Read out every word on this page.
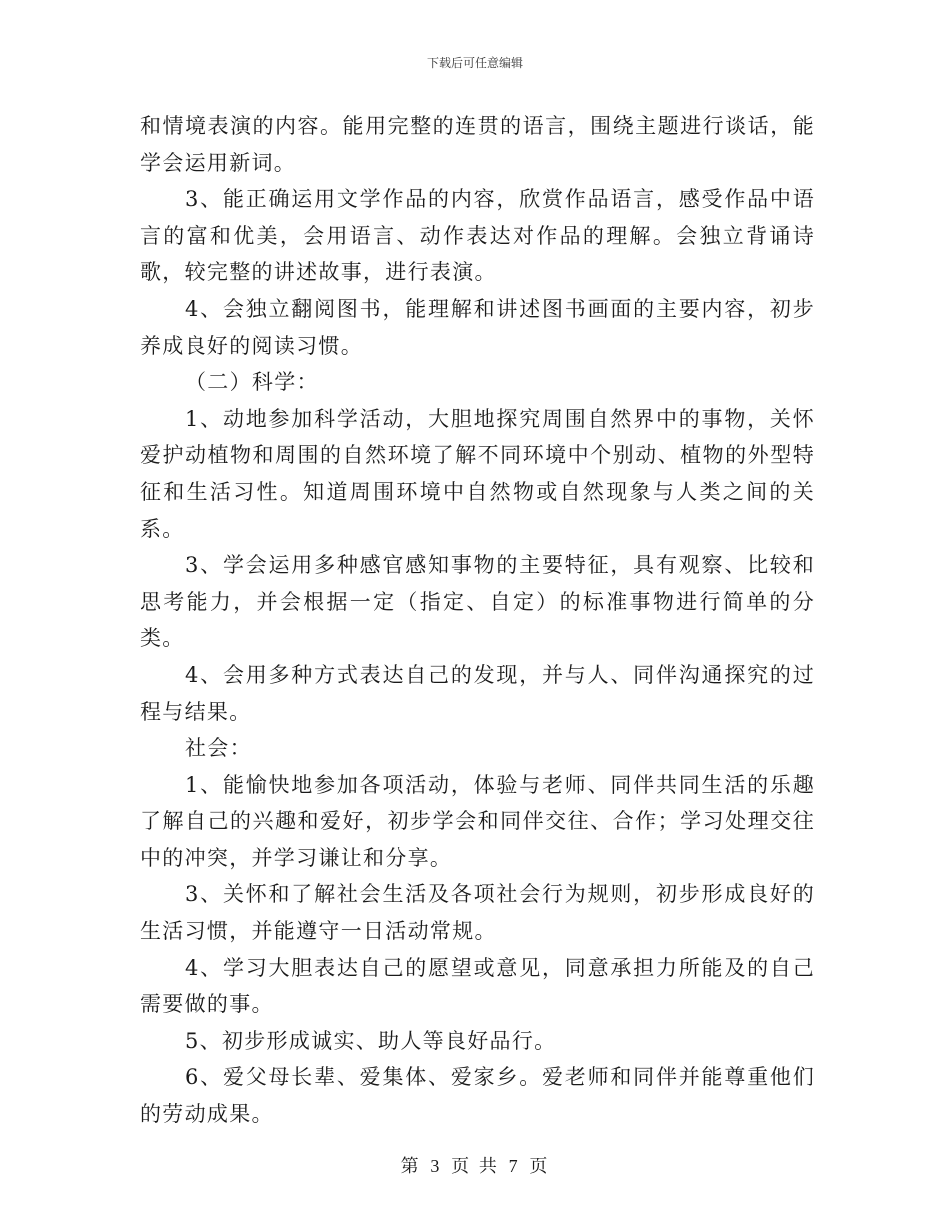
下载后可任意编辑

和情境表演的内容。能用完整的连贯的语言，围绕主题进行谈话，能学会运用新词。

3、能正确运用文学作品的内容，欣赏作品语言，感受作品中语言的富和优美，会用语言、动作表达对作品的理解。会独立背诵诗歌，较完整的讲述故事，进行表演。

4、会独立翻阅图书，能理解和讲述图书画面的主要内容，初步养成良好的阅读习惯。

（二）科学：

1、动地参加科学活动，大胆地探究周围自然界中的事物，关怀爱护动植物和周围的自然环境了解不同环境中个别动、植物的外型特征和生活习性。知道周围环境中自然物或自然现象与人类之间的关系。

3、学会运用多种感官感知事物的主要特征，具有观察、比较和思考能力，并会根据一定（指定、自定）的标准事物进行简单的分类。

4、会用多种方式表达自己的发现，并与人、同伴沟通探究的过程与结果。

社会：

1、能愉快地参加各项活动，体验与老师、同伴共同生活的乐趣了解自己的兴趣和爱好，初步学会和同伴交往、合作；学习处理交往中的冲突，并学习谦让和分享。

3、关怀和了解社会生活及各项社会行为规则，初步形成良好的生活习惯，并能遵守一日活动常规。

4、学习大胆表达自己的愿望或意见，同意承担力所能及的自己需要做的事。

5、初步形成诚实、助人等良好品行。

6、爱父母长辈、爱集体、爱家乡。爱老师和同伴并能尊重他们的劳动成果。

第 3 页 共 7 页
